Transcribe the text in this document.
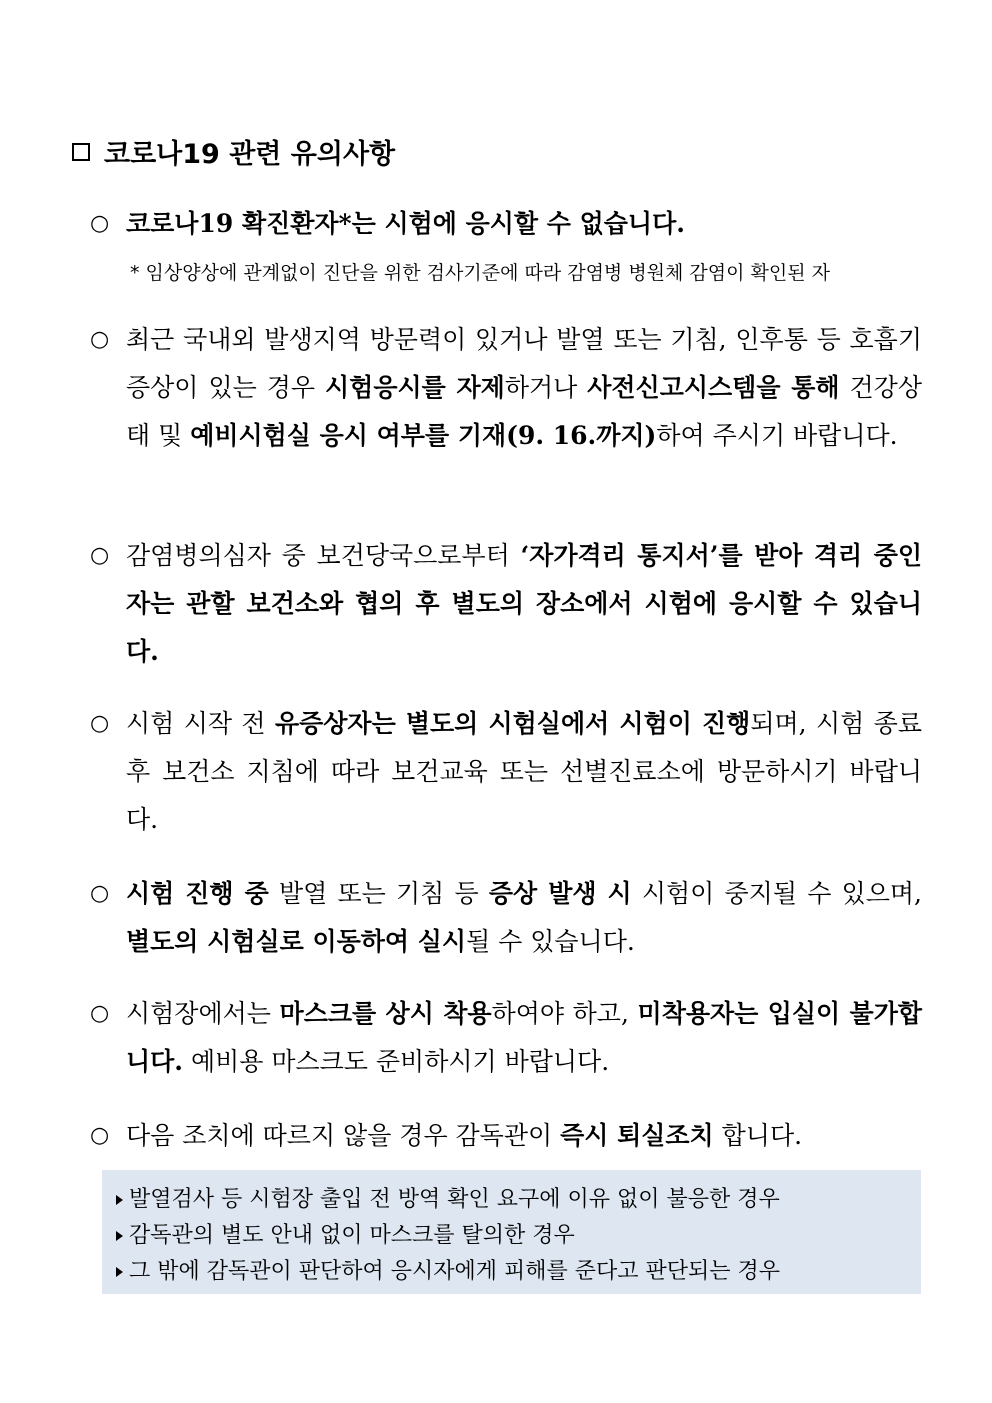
코로나19 관련 유의사항
○ 코로나19 확진환자*는 시험에 응시할 수 없습니다.
* 임상양상에 관계없이 진단을 위한 검사기준에 따라 감염병 병원체 감염이 확인된 자
○ 최근 국내외 발생지역 방문력이 있거나 발열 또는 기침, 인후통 등 호흡기 증상이 있는 경우 시험응시를 자제하거나 사전신고시스템을 통해 건강상태 및 예비시험실 응시 여부를 기재(9. 16.까지)하여 주시기 바랍니다.
○ 감염병의심자 중 보건당국으로부터 ‘자가격리 통지서’를 받아 격리 중인 자는 관할 보건소와 협의 후 별도의 장소에서 시험에 응시할 수 있습니다.
○ 시험 시작 전 유증상자는 별도의 시험실에서 시험이 진행되며, 시험 종료 후 보건소 지침에 따라 보건교육 또는 선별진료소에 방문하시기 바랍니다.
○ 시험 진행 중 발열 또는 기침 등 증상 발생 시 시험이 중지될 수 있으며, 별도의 시험실로 이동하여 실시될 수 있습니다.
○ 시험장에서는 마스크를 상시 착용하여야 하고, 미착용자는 입실이 불가합니다. 예비용 마스크도 준비하시기 바랍니다.
○ 다음 조치에 따르지 않을 경우 감독관이 즉시 퇴실조치 합니다.
발열검사 등 시험장 출입 전 방역 확인 요구에 이유 없이 불응한 경우
감독관의 별도 안내 없이 마스크를 탈의한 경우
그 밖에 감독관이 판단하여 응시자에게 피해를 준다고 판단되는 경우
